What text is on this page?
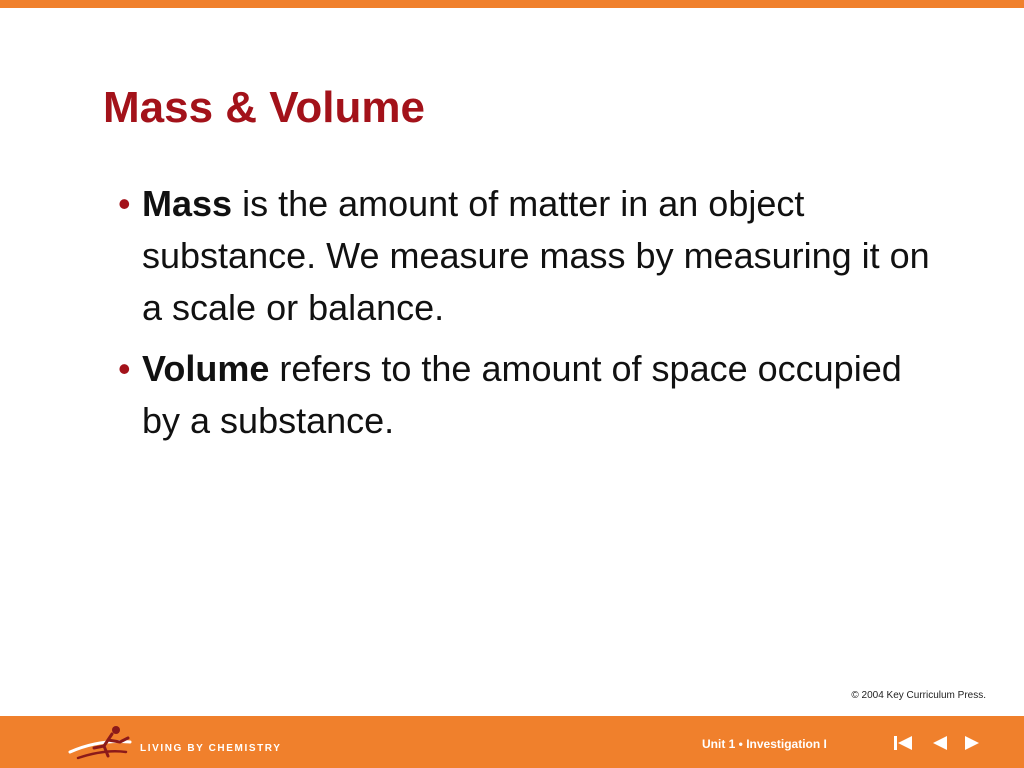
Mass & Volume
• Mass is the amount of matter in an object substance. We measure mass by measuring it on a scale or balance.
• Volume refers to the amount of space occupied by a substance.
© 2004 Key Curriculum Press.
LIVING BY CHEMISTRY	Unit 1 • Investigation I
